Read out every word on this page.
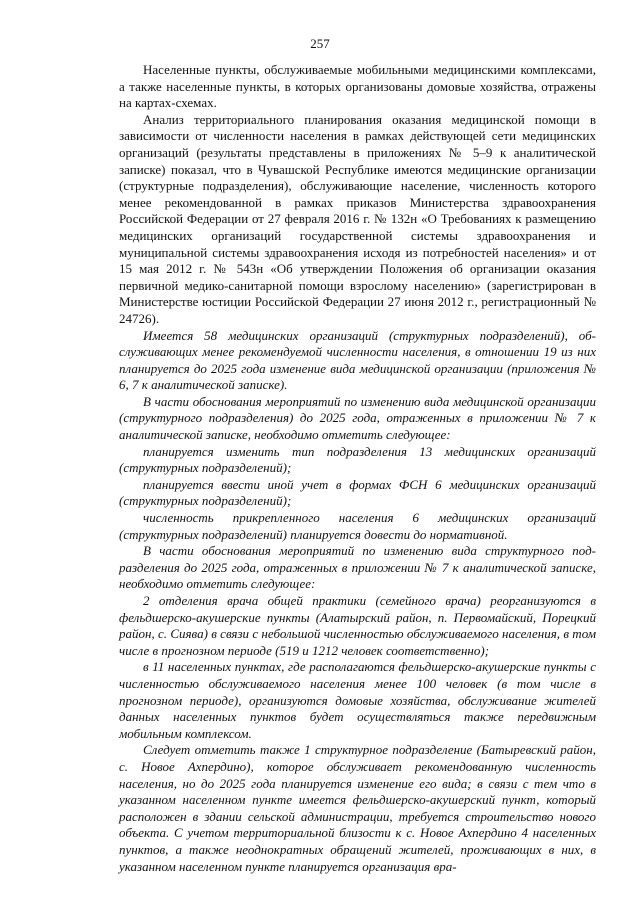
257

Населенные пункты, обслуживаемые мобильными медицинскими комплексами, а также населенные пункты, в которых организованы домовые хозяйства, отражены на картах-схемах.

Анализ территориального планирования оказания медицинской помощи в зависимости от численности населения в рамках действующей сети медицинских организаций (результаты представлены в приложениях № 5–9 к аналитической записке) показал, что в Чувашской Республике имеются медицинские организации (структурные подразделения), обслуживающие население, численность которого менее рекомендованной в рамках приказов Министерства здравоохранения Российской Федерации от 27 февраля 2016 г. № 132н «О Требованиях к размещению медицинских организаций государственной системы здравоохранения и муниципальной системы здравоохранения исходя из потребностей населения» и от 15 мая 2012 г. № 543н «Об утверждении Положения об организации оказания первичной медико-санитарной помощи взрослому населению» (зарегистрирован в Министерстве юстиции Российской Федерации 27 июня 2012 г., регистрационный № 24726).

Имеется 58 медицинских организаций (структурных подразделений), обслуживающих менее рекомендуемой численности населения, в отношении 19 из них планируется до 2025 года изменение вида медицинской организации (приложения № 6, 7 к аналитической записке).

В части обоснования мероприятий по изменению вида медицинской организации (структурного подразделения) до 2025 года, отраженных в приложении № 7 к аналитической записке, необходимо отметить следующее:

планируется изменить тип подразделения 13 медицинских организаций (структурных подразделений);

планируется ввести иной учет в формах ФСН 6 медицинских организаций (структурных подразделений);

численность прикрепленного населения 6 медицинских организаций (структурных подразделений) планируется довести до нормативной.

В части обоснования мероприятий по изменению вида структурного подразделения до 2025 года, отраженных в приложении № 7 к аналитической записке, необходимо отметить следующее:

2 отделения врача общей практики (семейного врача) реорганизуются в фельдшерско-акушерские пункты (Алатырский район, п. Первомайский, Порецкий район, с. Сиява) в связи с небольшой численностью обслуживаемого населения, в том числе в прогнозном периоде (519 и 1212 человек соответственно);

в 11 населенных пунктах, где располагаются фельдшерско-акушерские пункты с численностью обслуживаемого населения менее 100 человек (в том числе в прогнозном периоде), организуются домовые хозяйства, обслуживание жителей данных населенных пунктов будет осуществляться также передвижным мобильным комплексом.

Следует отметить также 1 структурное подразделение (Батыревский район, с. Новое Ахпердино), которое обслуживает рекомендованную численность населения, но до 2025 года планируется изменение его вида; в связи с тем что в указанном населенном пункте имеется фельдшерско-акушерский пункт, который расположен в здании сельской администрации, требуется строительство нового объекта. С учетом территориальной близости к с. Новое Ахпердино 4 населенных пунктов, а также неоднократных обращений жителей, проживающих в них, в указанном населенном пункте планируется организация вра-
